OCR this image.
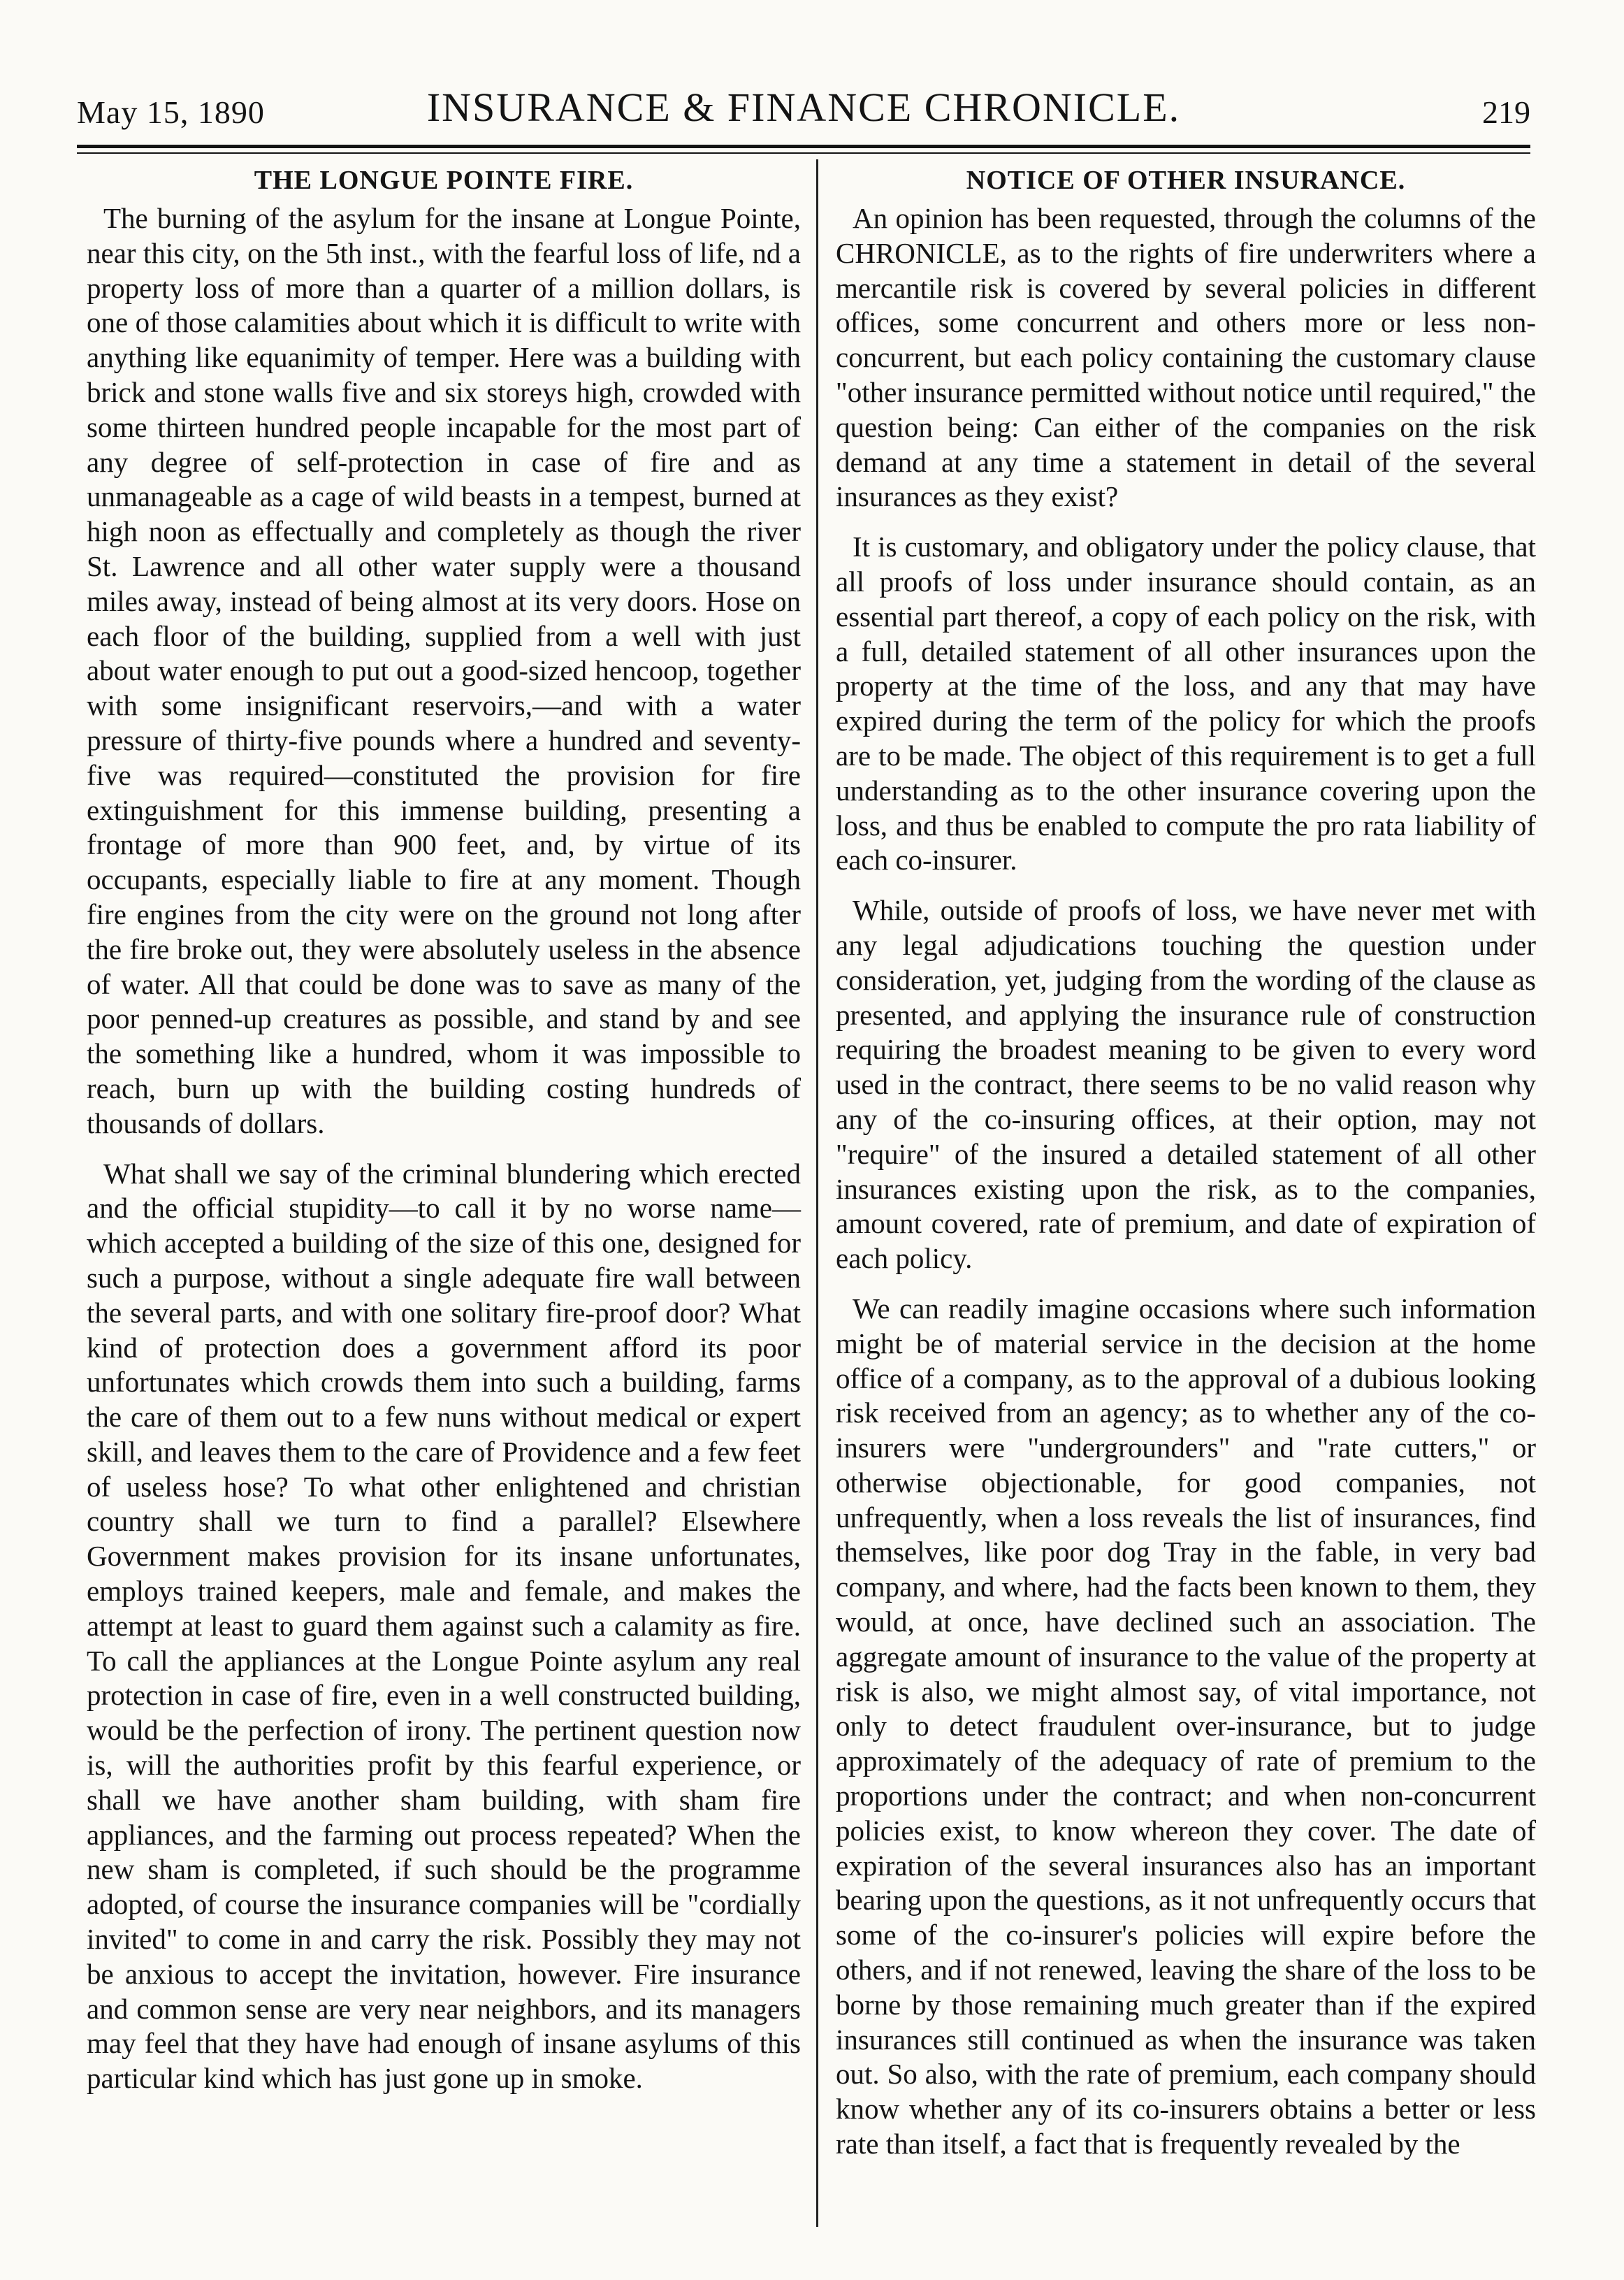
May 15, 1890	INSURANCE & FINANCE CHRONICLE.	219
THE LONGUE POINTE FIRE.

The burning of the asylum for the insane at Longue Pointe, near this city, on the 5th inst., with the fearful loss of life, nd a property loss of more than a quarter of a million dollars, is one of those calamities about which it is difficult to write with anything like equanimity of temper. Here was a building with brick and stone walls five and six storeys high, crowded with some thirteen hundred people incapable for the most part of any degree of self-protection in case of fire and as unmanageable as a cage of wild beasts in a tempest, burned at high noon as effectually and completely as though the river St. Lawrence and all other water supply were a thousand miles away, instead of being almost at its very doors. Hose on each floor of the building, supplied from a well with just about water enough to put out a good-sized hencoop, together with some insignificant reservoirs,—and with a water pressure of thirty-five pounds where a hundred and seventy-five was required—constituted the provision for fire extinguishment for this immense building, presenting a frontage of more than 900 feet, and, by virtue of its occupants, especially liable to fire at any moment. Though fire engines from the city were on the ground not long after the fire broke out, they were absolutely useless in the absence of water. All that could be done was to save as many of the poor penned-up creatures as possible, and stand by and see the something like a hundred, whom it was impossible to reach, burn up with the building costing hundreds of thousands of dollars.

What shall we say of the criminal blundering which erected and the official stupidity—to call it by no worse name—which accepted a building of the size of this one, designed for such a purpose, without a single adequate fire wall between the several parts, and with one solitary fire-proof door? What kind of protection does a government afford its poor unfortunates which crowds them into such a building, farms the care of them out to a few nuns without medical or expert skill, and leaves them to the care of Providence and a few feet of useless hose? To what other enlightened and christian country shall we turn to find a parallel? Elsewhere Government makes provision for its insane unfortunates, employs trained keepers, male and female, and makes the attempt at least to guard them against such a calamity as fire. To call the appliances at the Longue Pointe asylum any real protection in case of fire, even in a well constructed building, would be the perfection of irony. The pertinent question now is, will the authorities profit by this fearful experience, or shall we have another sham building, with sham fire appliances, and the farming out process repeated? When the new sham is completed, if such should be the programme adopted, of course the insurance companies will be "cordially invited" to come in and carry the risk. Possibly they may not be anxious to accept the invitation, however. Fire insurance and common sense are very near neighbors, and its managers may feel that they have had enough of insane asylums of this particular kind which has just gone up in smoke.

NOTICE OF OTHER INSURANCE.

An opinion has been requested, through the columns of the CHRONICLE, as to the rights of fire underwriters where a mercantile risk is covered by several policies in different offices, some concurrent and others more or less non-concurrent, but each policy containing the customary clause "other insurance permitted without notice until required," the question being: Can either of the companies on the risk demand at any time a statement in detail of the several insurances as they exist?

It is customary, and obligatory under the policy clause, that all proofs of loss under insurance should contain, as an essential part thereof, a copy of each policy on the risk, with a full, detailed statement of all other insurances upon the property at the time of the loss, and any that may have expired during the term of the policy for which the proofs are to be made. The object of this requirement is to get a full understanding as to the other insurance covering upon the loss, and thus be enabled to compute the pro rata liability of each co-insurer.

While, outside of proofs of loss, we have never met with any legal adjudications touching the question under consideration, yet, judging from the wording of the clause as presented, and applying the insurance rule of construction requiring the broadest meaning to be given to every word used in the contract, there seems to be no valid reason why any of the co-insuring offices, at their option, may not "require" of the insured a detailed statement of all other insurances existing upon the risk, as to the companies, amount covered, rate of premium, and date of expiration of each policy.

We can readily imagine occasions where such information might be of material service in the decision at the home office of a company, as to the approval of a dubious looking risk received from an agency; as to whether any of the co-insurers were "undergrounders" and "rate cutters," or otherwise objectionable, for good companies, not unfrequently, when a loss reveals the list of insurances, find themselves, like poor dog Tray in the fable, in very bad company, and where, had the facts been known to them, they would, at once, have declined such an association. The aggregate amount of insurance to the value of the property at risk is also, we might almost say, of vital importance, not only to detect fraudulent over-insurance, but to judge approximately of the adequacy of rate of premium to the proportions under the contract; and when non-concurrent policies exist, to know whereon they cover. The date of expiration of the several insurances also has an important bearing upon the questions, as it not unfrequently occurs that some of the co-insurer's policies will expire before the others, and if not renewed, leaving the share of the loss to be borne by those remaining much greater than if the expired insurances still continued as when the insurance was taken out. So also, with the rate of premium, each company should know whether any of its co-insurers obtains a better or less rate than itself, a fact that is frequently revealed by the
